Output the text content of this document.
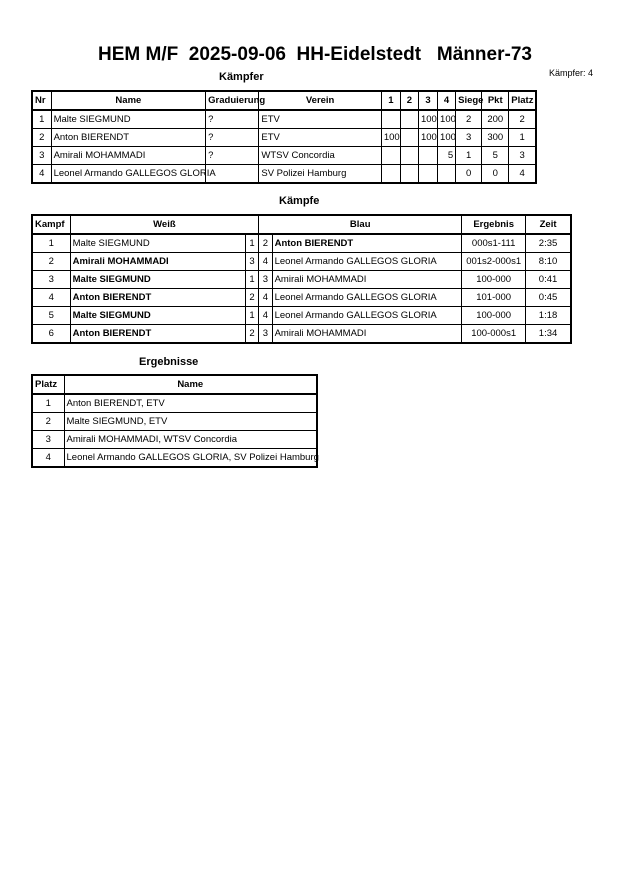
HEM M/F  2025-09-06  HH-Eidelstedt   Männer-73
Kämpfer: 4
Kämpfer
Nr	Name	Graduierung	Verein	1	2	3	4	Siege	Pkt	Platz
1	Malte SIEGMUND	?	ETV			100	100	2	200	2
2	Anton BIERENDT	?	ETV	100		100	100	3	300	1
3	Amirali MOHAMMADI	?	WTSV Concordia				5	1	5	3
4	Leonel Armando GALLEGOS GLORIA		SV Polizei Hamburg					0	0	4
Kämpfe
Kampf	Weiß		Blau		Ergebnis	Zeit
1	Malte SIEGMUND	1	2	Anton BIERENDT	000s1-111	2:35
2	Amirali MOHAMMADI	3	4	Leonel Armando GALLEGOS GLORIA	001s2-000s1	8:10
3	Malte SIEGMUND	1	3	Amirali MOHAMMADI	100-000	0:41
4	Anton BIERENDT	2	4	Leonel Armando GALLEGOS GLORIA	101-000	0:45
5	Malte SIEGMUND	1	4	Leonel Armando GALLEGOS GLORIA	100-000	1:18
6	Anton BIERENDT	2	3	Amirali MOHAMMADI	100-000s1	1:34
Ergebnisse
Platz	Name
1	Anton BIERENDT, ETV
2	Malte SIEGMUND, ETV
3	Amirali MOHAMMADI, WTSV Concordia
4	Leonel Armando GALLEGOS GLORIA, SV Polizei Hamburg
